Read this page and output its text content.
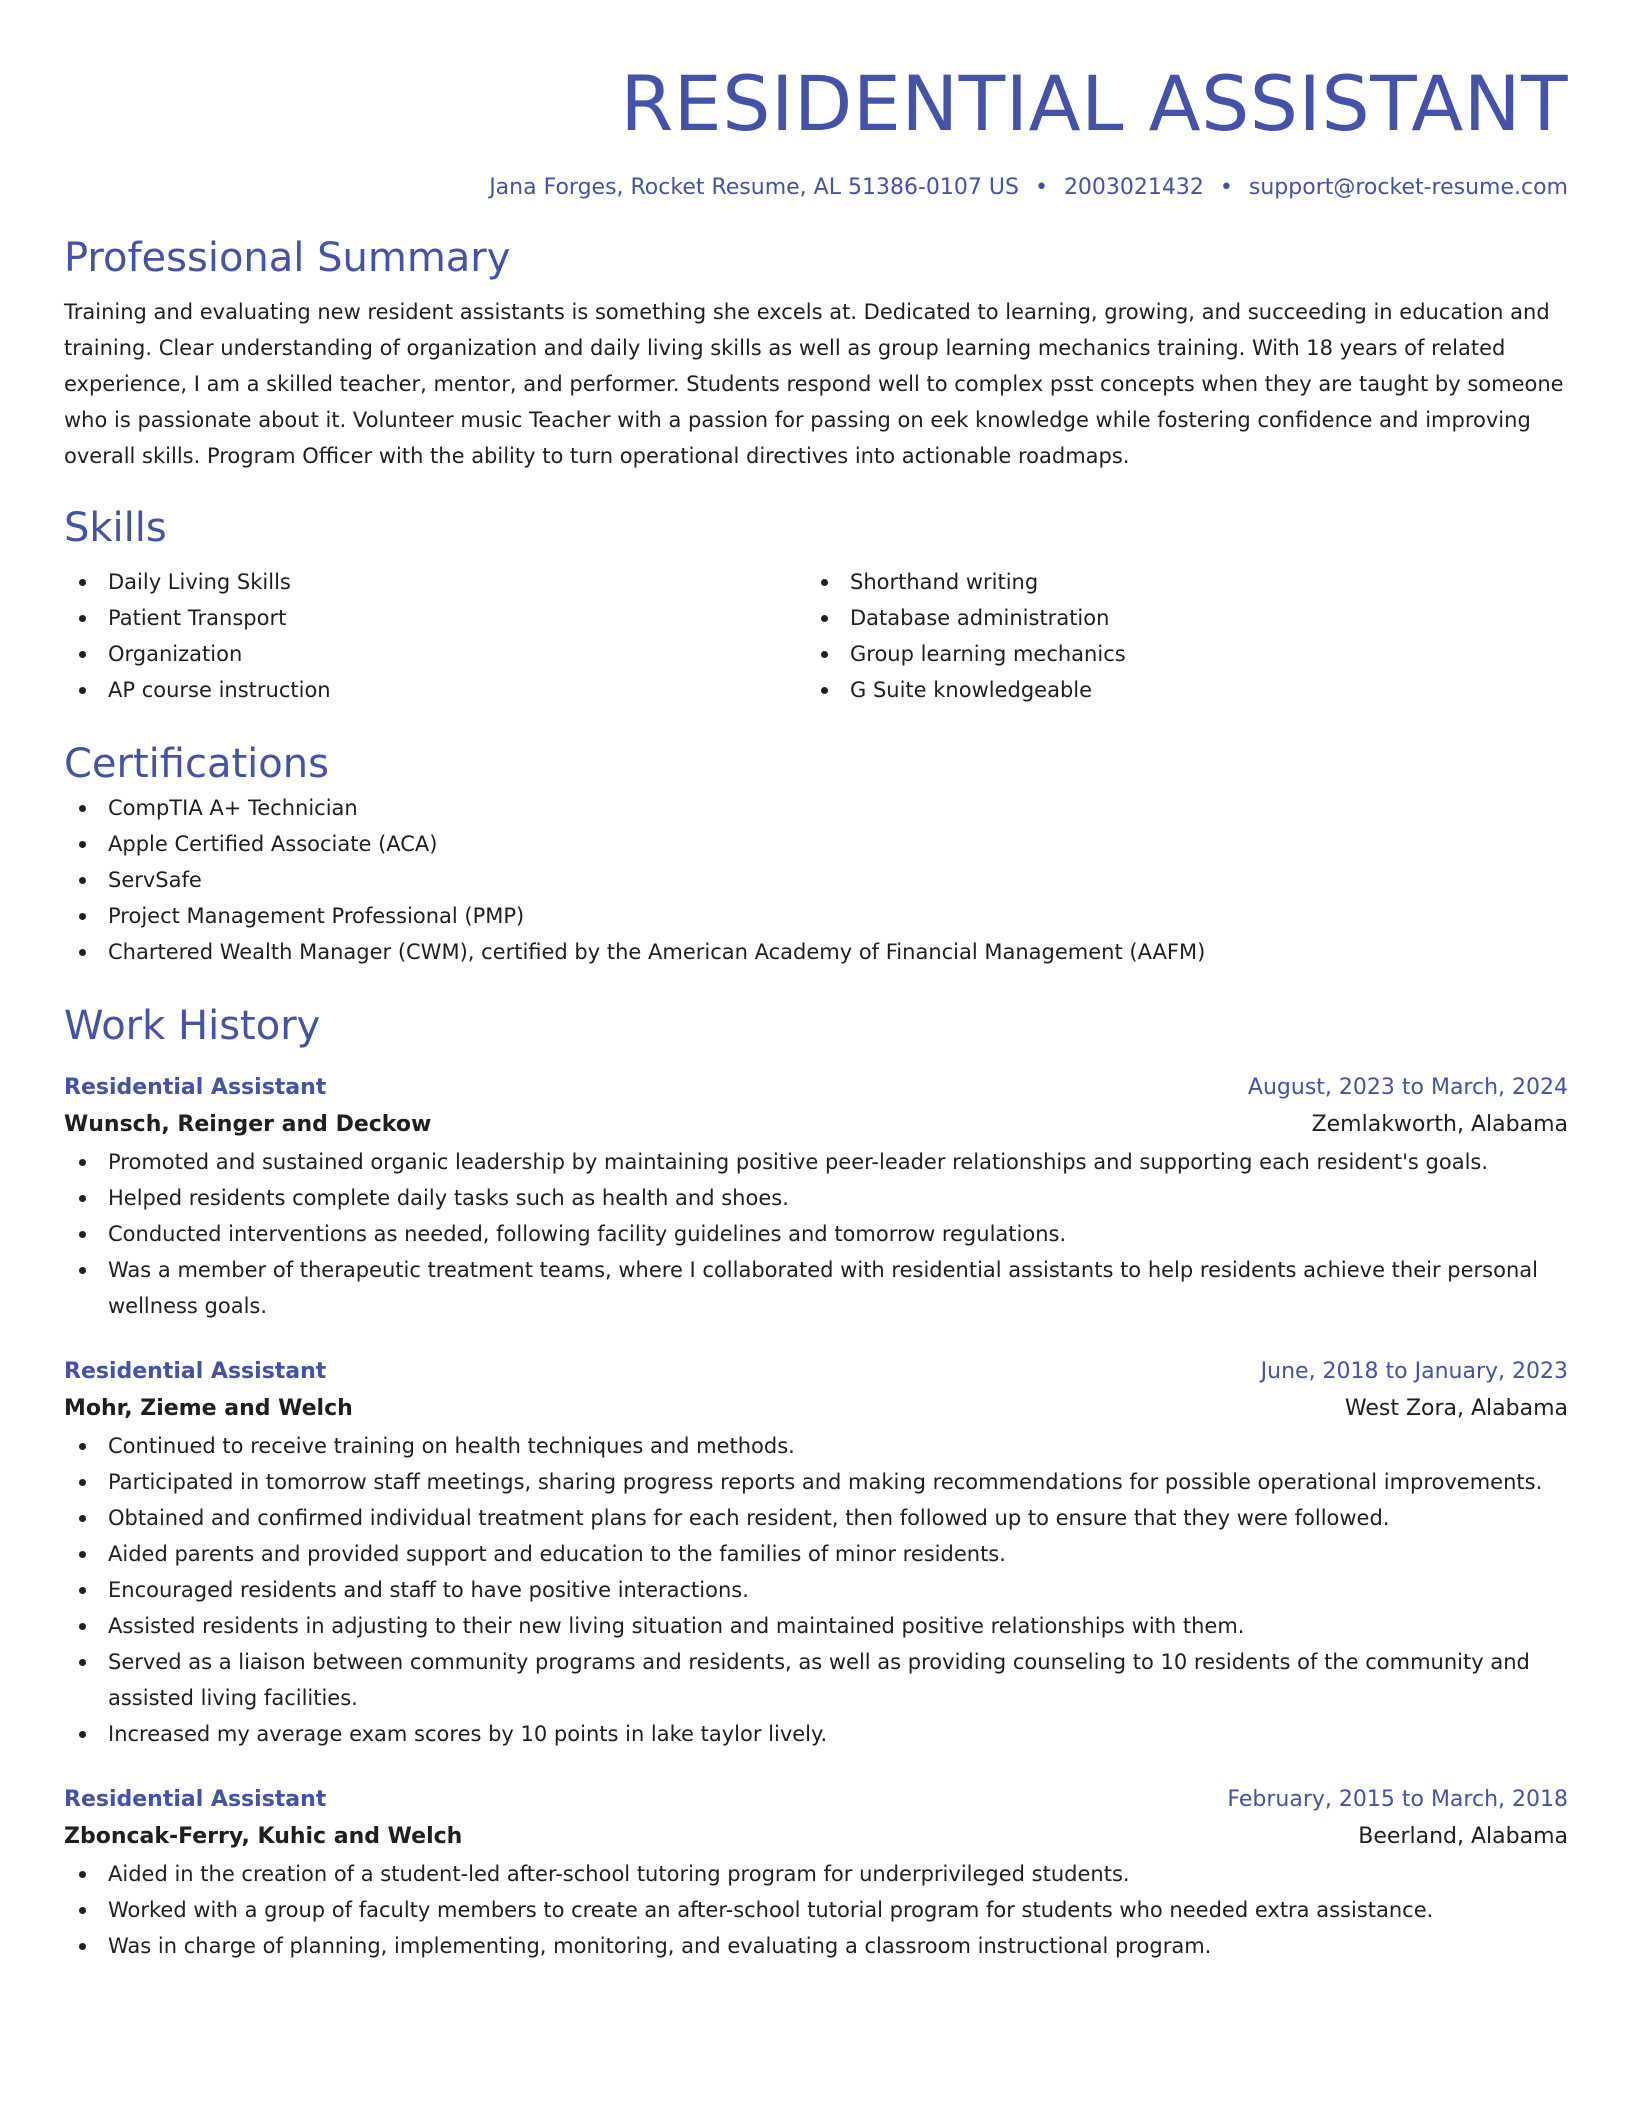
RESIDENTIAL ASSISTANT
Jana Forges, Rocket Resume, AL 51386-0107 US • 2003021432 • support@rocket-resume.com
Professional Summary

Training and evaluating new resident assistants is something she excels at. Dedicated to learning, growing, and succeeding in education and training. Clear understanding of organization and daily living skills as well as group learning mechanics training. With 18 years of related experience, I am a skilled teacher, mentor, and performer. Students respond well to complex psst concepts when they are taught by someone who is passionate about it. Volunteer music Teacher with a passion for passing on eek knowledge while fostering confidence and improving overall skills. Program Officer with the ability to turn operational directives into actionable roadmaps.

Skills
Daily Living Skills
Patient Transport
Organization
AP course instruction
Shorthand writing
Database administration
Group learning mechanics
G Suite knowledgeable
Certifications
CompTIA A+ Technician
Apple Certified Associate (ACA)
ServSafe
Project Management Professional (PMP)
Chartered Wealth Manager (CWM), certified by the American Academy of Financial Management (AAFM)
Work History
Residential Assistant	August, 2023 to March, 2024
Wunsch, Reinger and Deckow	Zemlakworth, Alabama
Promoted and sustained organic leadership by maintaining positive peer-leader relationships and supporting each resident's goals.
Helped residents complete daily tasks such as health and shoes.
Conducted interventions as needed, following facility guidelines and tomorrow regulations.
Was a member of therapeutic treatment teams, where I collaborated with residential assistants to help residents achieve their personal wellness goals.
Residential Assistant	June, 2018 to January, 2023
Mohr, Zieme and Welch	West Zora, Alabama
Continued to receive training on health techniques and methods.
Participated in tomorrow staff meetings, sharing progress reports and making recommendations for possible operational improvements.
Obtained and confirmed individual treatment plans for each resident, then followed up to ensure that they were followed.
Aided parents and provided support and education to the families of minor residents.
Encouraged residents and staff to have positive interactions.
Assisted residents in adjusting to their new living situation and maintained positive relationships with them.
Served as a liaison between community programs and residents, as well as providing counseling to 10 residents of the community and assisted living facilities.
Increased my average exam scores by 10 points in lake taylor lively.
Residential Assistant	February, 2015 to March, 2018
Zboncak-Ferry, Kuhic and Welch	Beerland, Alabama
Aided in the creation of a student-led after-school tutoring program for underprivileged students.
Worked with a group of faculty members to create an after-school tutorial program for students who needed extra assistance.
Was in charge of planning, implementing, monitoring, and evaluating a classroom instructional program.
